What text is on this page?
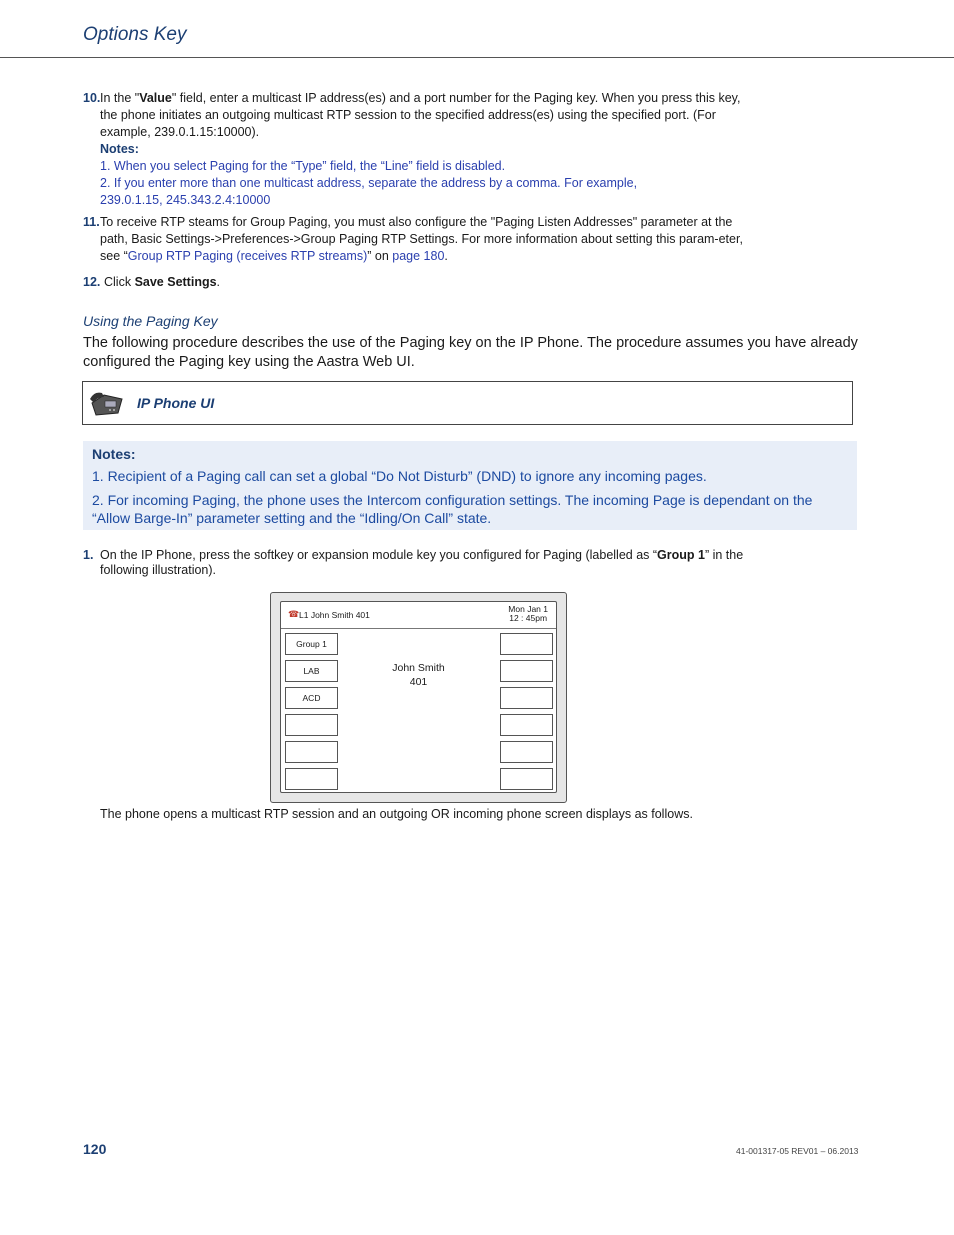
Options Key
10. In the "Value" field, enter a multicast IP address(es) and a port number for the Paging key. When you press this key, the phone initiates an outgoing multicast RTP session to the specified address(es) using the specified port. (For example, 239.0.1.15:10000).
Notes:
1. When you select Paging for the “Type” field, the “Line” field is disabled.
2. If you enter more than one multicast address, separate the address by a comma. For example, 239.0.1.15, 245.343.2.4:10000
11. To receive RTP steams for Group Paging, you must also configure the "Paging Listen Addresses" parameter at the path, Basic Settings->Preferences->Group Paging RTP Settings. For more information about setting this param-eter, see “Group RTP Paging (receives RTP streams)” on page 180.
12. Click Save Settings.
Using the Paging Key
The following procedure describes the use of the Paging key on the IP Phone. The procedure assumes you have already configured the Paging key using the Aastra Web UI.
IP Phone UI
Notes:
1. Recipient of a Paging call can set a global “Do Not Disturb” (DND) to ignore any incoming pages.
2. For incoming Paging, the phone uses the Intercom configuration settings. The incoming Page is dependant on the “Allow Barge-In” parameter setting and the “Idling/On Call” state.
1. On the IP Phone, press the softkey or expansion module key you configured for Paging (labelled as “Group 1” in the following illustration).
☎ L1 John Smith 401
Mon Jan 1
12 : 45pm
Group 1
LAB
ACD
John Smith
401
The phone opens a multicast RTP session and an outgoing OR incoming phone screen displays as follows.
120	41-001317-05 REV01 – 06.2013
